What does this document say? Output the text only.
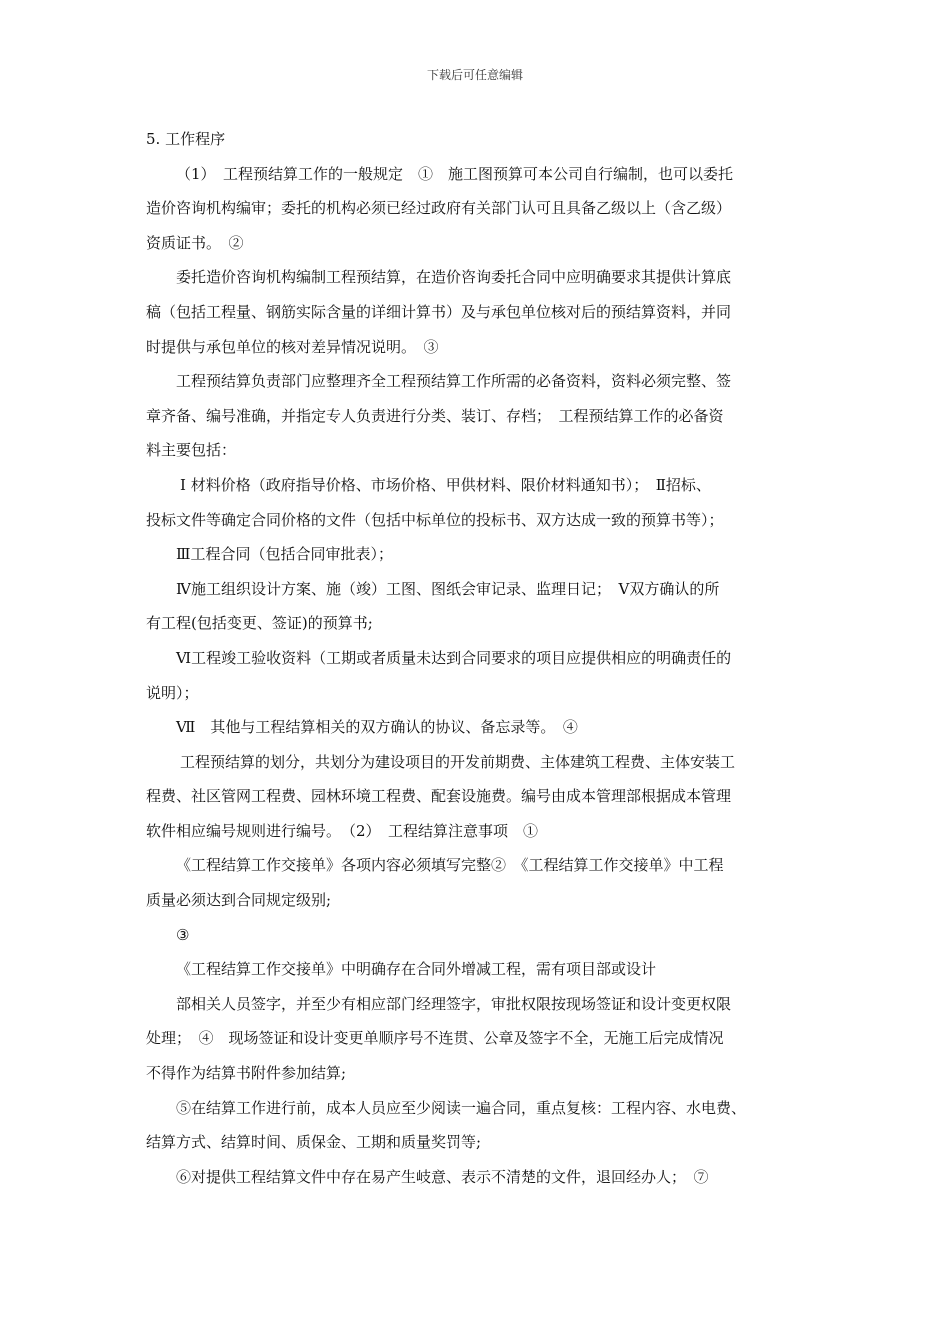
下载后可任意编辑
5. 工作程序
（1）　工程预结算工作的一般规定　①　施工图预算可本公司自行编制，也可以委托
造价咨询机构编审；委托的机构必须已经过政府有关部门认可且具备乙级以上（含乙级）
资质证书。　②
委托造价咨询机构编制工程预结算，在造价咨询委托合同中应明确要求其提供计算底
稿（包括工程量、钢筋实际含量的详细计算书）及与承包单位核对后的预结算资料，并同
时提供与承包单位的核对差异情况说明。　③
工程预结算负责部门应整理齐全工程预结算工作所需的必备资料，资料必须完整、签
章齐备、编号准确，并指定专人负责进行分类、装订、存档；　工程预结算工作的必备资
料主要包括：
Ⅰ 材料价格（政府指导价格、市场价格、甲供材料、限价材料通知书）；　Ⅱ招标、
投标文件等确定合同价格的文件（包括中标单位的投标书、双方达成一致的预算书等）；
Ⅲ工程合同（包括合同审批表）；
Ⅳ施工组织设计方案、施（竣）工图、图纸会审记录、监理日记；　Ⅴ双方确认的所
有工程(包括变更、签证)的预算书;
Ⅵ工程竣工验收资料（工期或者质量未达到合同要求的项目应提供相应的明确责任的
说明）；
Ⅶ　其他与工程结算相关的双方确认的协议、备忘录等。　④
工程预结算的划分，共划分为建设项目的开发前期费、主体建筑工程费、主体安装工
程费、社区管网工程费、园林环境工程费、配套设施费。编号由成本管理部根据成本管理
软件相应编号规则进行编号。　（2）　工程结算注意事项　①
《工程结算工作交接单》各项内容必须填写完整②　《工程结算工作交接单》中工程
质量必须达到合同规定级别;
③
《工程结算工作交接单》中明确存在合同外增减工程，需有项目部或设计
部相关人员签字，并至少有相应部门经理签字，审批权限按现场签证和设计变更权限
处理；　④　现场签证和设计变更单顺序号不连贯、公章及签字不全，无施工后完成情况
不得作为结算书附件参加结算;
⑤在结算工作进行前，成本人员应至少阅读一遍合同，重点复核：工程内容、水电费、
结算方式、结算时间、质保金、工期和质量奖罚等;
⑥对提供工程结算文件中存在易产生岐意、表示不清楚的文件，退回经办人；　⑦
